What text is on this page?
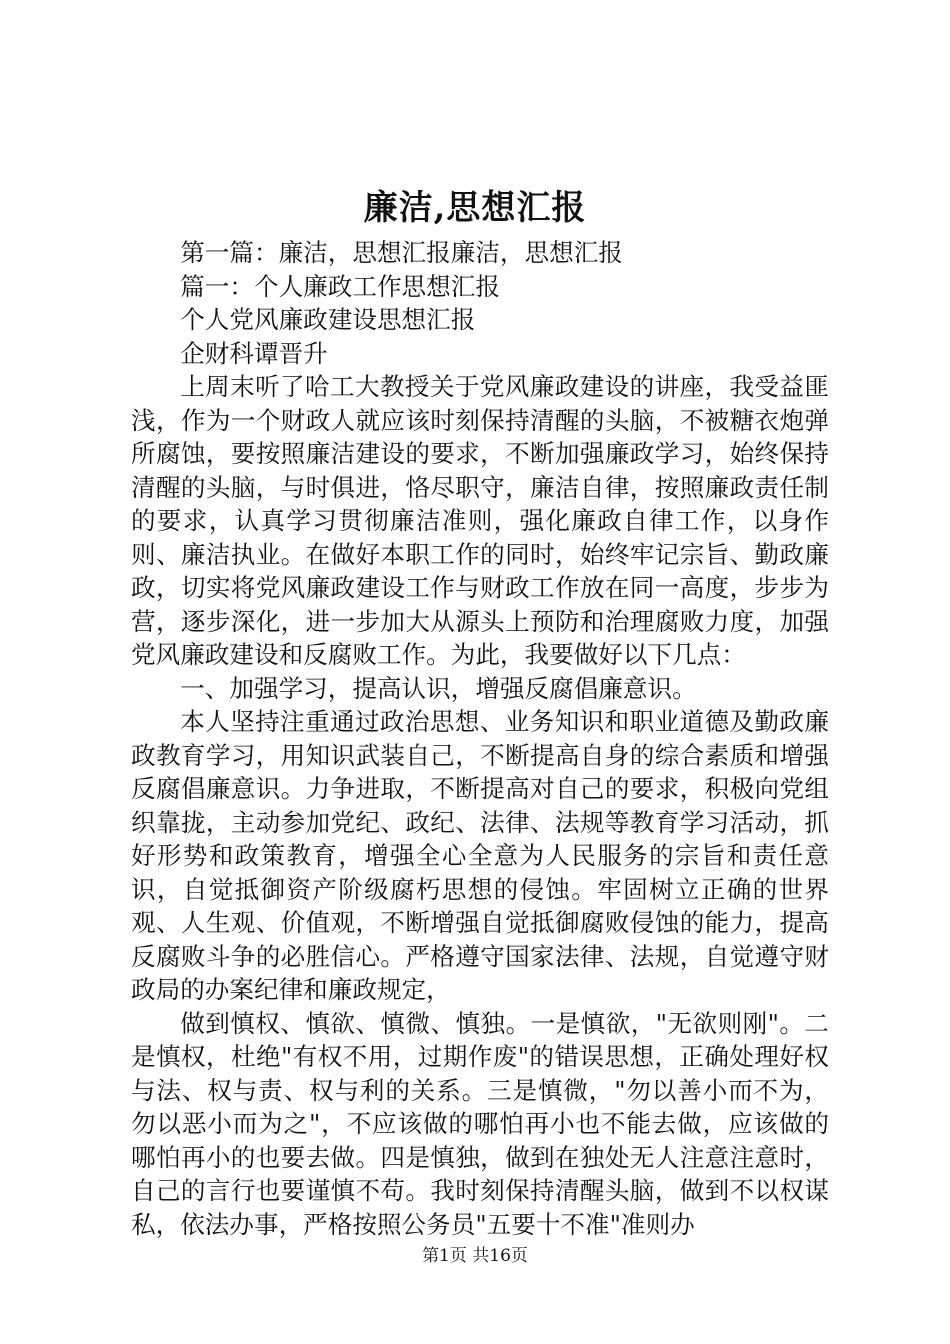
廉洁,思想汇报

第一篇：廉洁，思想汇报廉洁，思想汇报

篇一：个人廉政工作思想汇报

个人党风廉政建设思想汇报

企财科谭晋升

上周末听了哈工大教授关于党风廉政建设的讲座，我受益匪浅，作为一个财政人就应该时刻保持清醒的头脑，不被糖衣炮弹所腐蚀，要按照廉洁建设的要求，不断加强廉政学习，始终保持清醒的头脑，与时俱进，恪尽职守，廉洁自律，按照廉政责任制的要求，认真学习贯彻廉洁准则，强化廉政自律工作，以身作则、廉洁执业。在做好本职工作的同时，始终牢记宗旨、勤政廉政，切实将党风廉政建设工作与财政工作放在同一高度，步步为营，逐步深化，进一步加大从源头上预防和治理腐败力度，加强党风廉政建设和反腐败工作。为此，我要做好以下几点：

一、加强学习，提高认识，增强反腐倡廉意识。

本人坚持注重通过政治思想、业务知识和职业道德及勤政廉政教育学习，用知识武装自己，不断提高自身的综合素质和增强反腐倡廉意识。力争进取，不断提高对自己的要求，积极向党组织靠拢，主动参加党纪、政纪、法律、法规等教育学习活动，抓好形势和政策教育，增强全心全意为人民服务的宗旨和责任意识，自觉抵御资产阶级腐朽思想的侵蚀。牢固树立正确的世界观、人生观、价值观，不断增强自觉抵御腐败侵蚀的能力，提高反腐败斗争的必胜信心。严格遵守国家法律、法规，自觉遵守财政局的办案纪律和廉政规定，

做到慎权、慎欲、慎微、慎独。一是慎欲，"无欲则刚"。二是慎权，杜绝"有权不用，过期作废"的错误思想，正确处理好权与法、权与责、权与利的关系。三是慎微，"勿以善小而不为，勿以恶小而为之"，不应该做的哪怕再小也不能去做，应该做的哪怕再小的也要去做。四是慎独，做到在独处无人注意注意时，自己的言行也要谨慎不苟。我时刻保持清醒头脑，做到不以权谋私，依法办事，严格按照公务员"五要十不准"准则办

第1页 共16页
